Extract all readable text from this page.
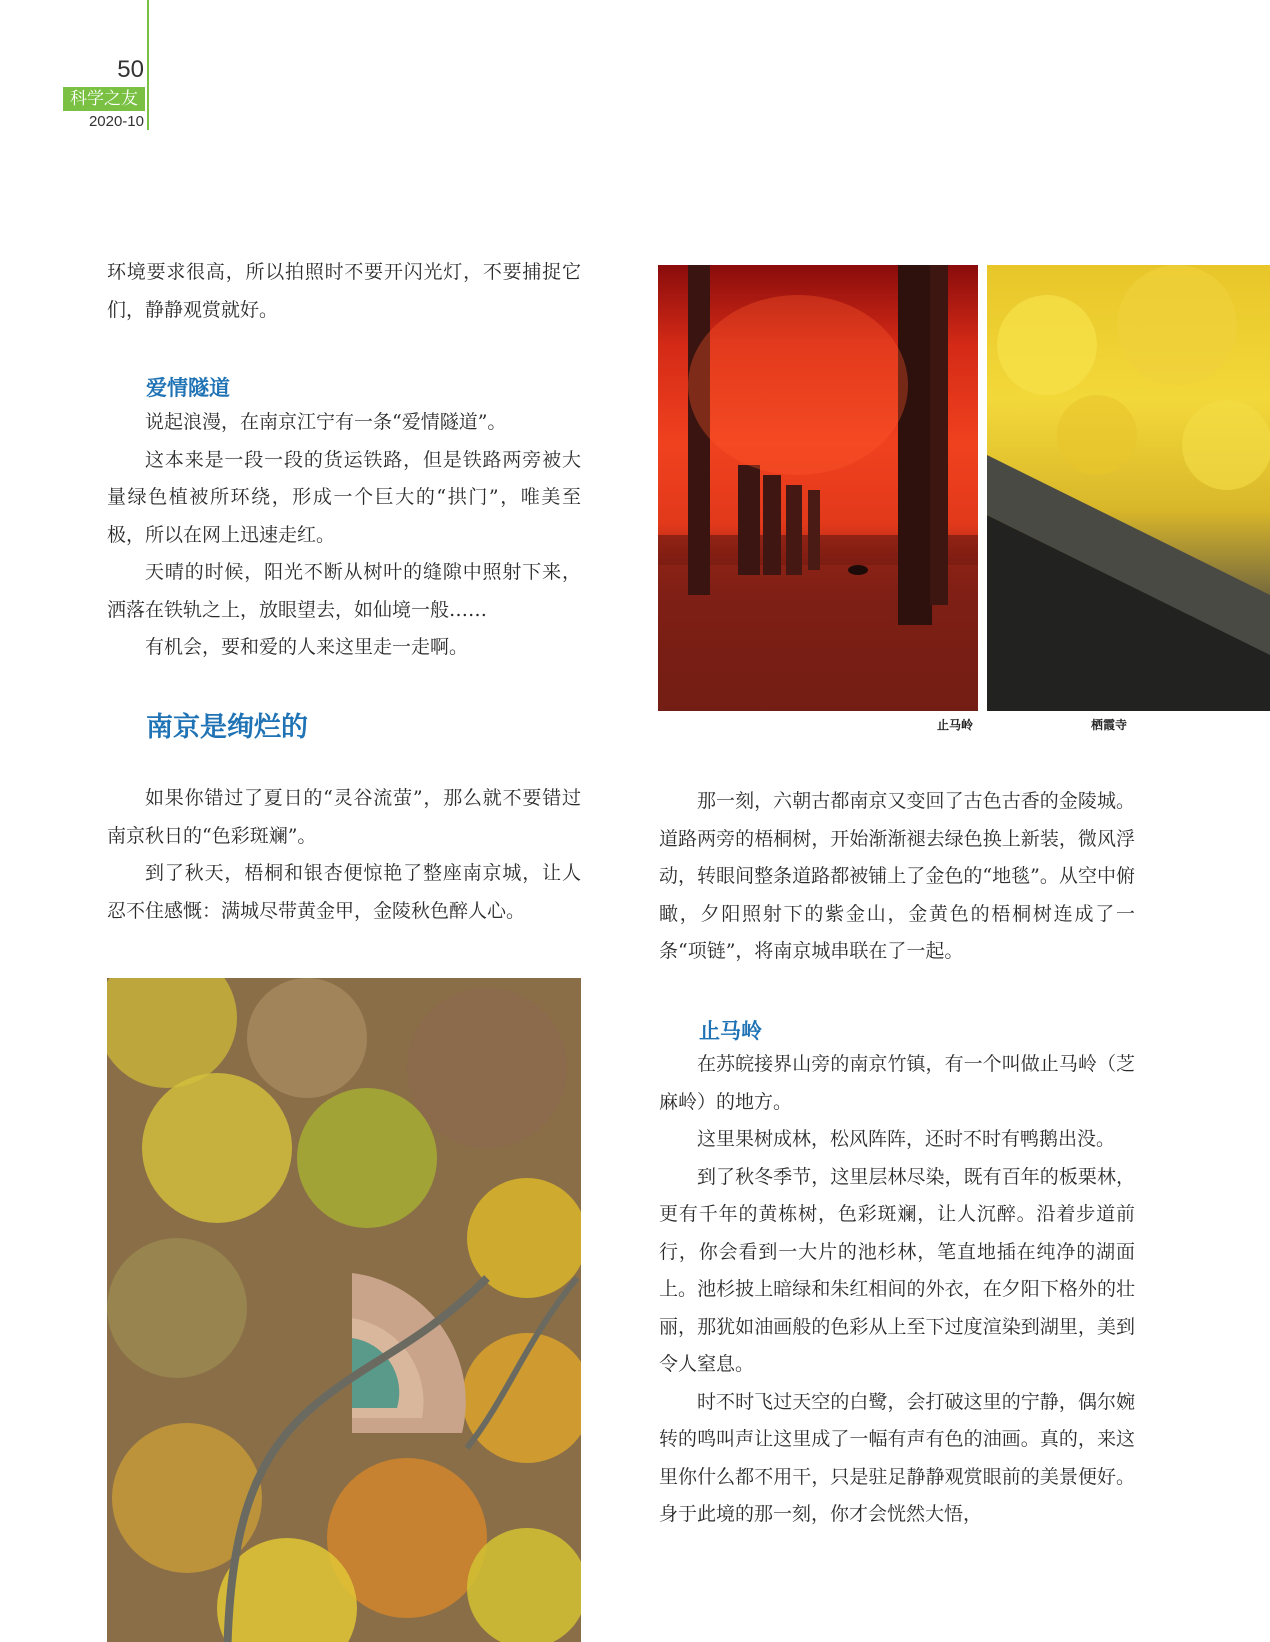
50
科学之友
2020-10

环境要求很高，所以拍照时不要开闪光灯，不要捕捉它们，静静观赏就好。

爱情隧道

说起浪漫，在南京江宁有一条“爱情隧道”。

这本来是一段一段的货运铁路，但是铁路两旁被大量绿色植被所环绕，形成一个巨大的“拱门”，唯美至极，所以在网上迅速走红。

天晴的时候，阳光不断从树叶的缝隙中照射下来，洒落在铁轨之上，放眼望去，如仙境一般……

有机会，要和爱的人来这里走一走啊。

南京是绚烂的

如果你错过了夏日的“灵谷流萤”，那么就不要错过南京秋日的“色彩斑斓”。

到了秋天，梧桐和银杏便惊艳了整座南京城，让人忍不住感慨：满城尽带黄金甲，金陵秋色醉人心。

止马岭	栖霞寺

那一刻，六朝古都南京又变回了古色古香的金陵城。道路两旁的梧桐树，开始渐渐褪去绿色换上新装，微风浮动，转眼间整条道路都被铺上了金色的“地毯”。从空中俯瞰，夕阳照射下的紫金山，金黄色的梧桐树连成了一条“项链”，将南京城串联在了一起。

止马岭

在苏皖接界山旁的南京竹镇，有一个叫做止马岭（芝麻岭）的地方。

这里果树成林，松风阵阵，还时不时有鸭鹅出没。

到了秋冬季节，这里层林尽染，既有百年的板栗林，更有千年的黄栋树，色彩斑斓，让人沉醉。沿着步道前行，你会看到一大片的池杉林，笔直地插在纯净的湖面上。池杉披上暗绿和朱红相间的外衣，在夕阳下格外的壮丽，那犹如油画般的色彩从上至下过度渲染到湖里，美到令人窒息。

时不时飞过天空的白鹭，会打破这里的宁静，偶尔婉转的鸣叫声让这里成了一幅有声有色的油画。真的，来这里你什么都不用干，只是驻足静静观赏眼前的美景便好。身于此境的那一刻，你才会恍然大悟，
